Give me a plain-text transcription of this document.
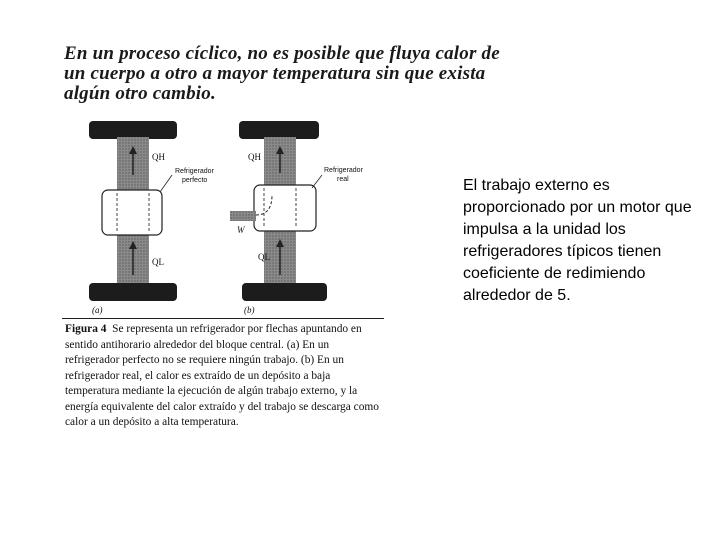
En un proceso cíclico, no es posible que fluya calor de
un cuerpo a otro a mayor temperatura sin que exista
algún otro cambio.
QH
QL
Refrigerador
perfecto
(a)
QH
QL
W
Refrigerador
real
(b)
Figura 4 Se representa un refrigerador por flechas apuntando en sentido antihorario alrededor del bloque central. (a) En un refrigerador perfecto no se requiere ningún trabajo. (b) En un refrigerador real, el calor es extraído de un depósito a baja temperatura mediante la ejecución de algún trabajo externo, y la energía equivalente del calor extraído y del trabajo se descarga como calor a un depósito a alta temperatura.
El trabajo externo es proporcionado por un motor que impulsa a la unidad los refrigeradores típicos tienen coeficiente de redimiendo alrededor de 5.
